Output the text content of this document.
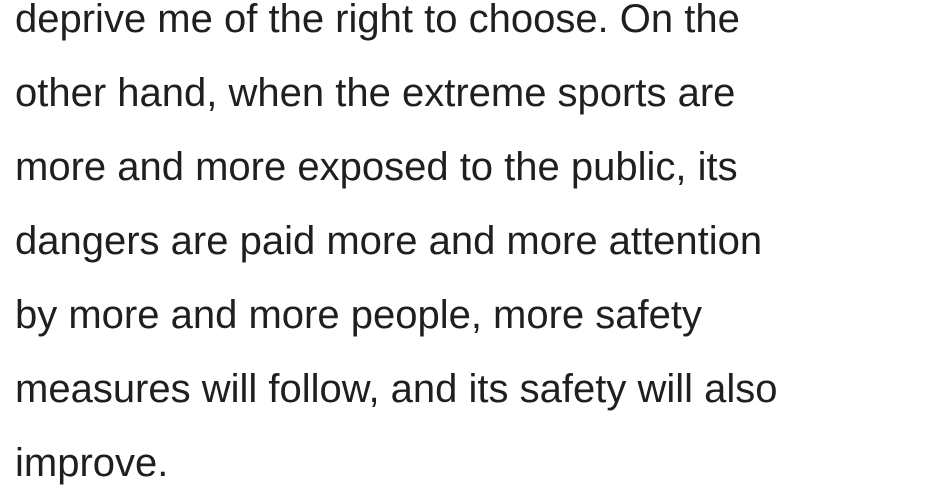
deprive me of the right to choose. On the
other hand, when the extreme sports are
more and more exposed to the public, its
dangers are paid more and more attention
by more and more people, more safety
measures will follow, and its safety will also
improve.
